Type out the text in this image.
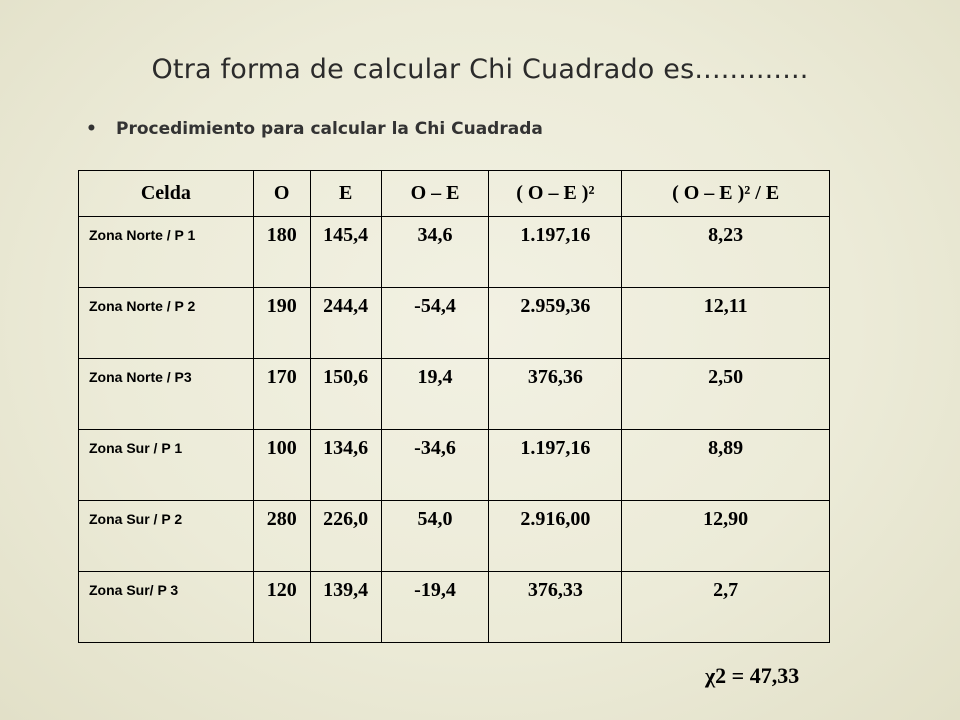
Otra forma de calcular Chi Cuadrado es.............
• Procedimiento para calcular la Chi Cuadrada
Celda	O	E	O – E	( O – E )²	( O – E )² / E
Zona Norte / P 1	180	145,4	34,6	1.197,16	8,23
Zona Norte / P 2	190	244,4	-54,4	2.959,36	12,11
Zona Norte / P3	170	150,6	19,4	376,36	2,50
Zona Sur / P 1	100	134,6	-34,6	1.197,16	8,89
Zona Sur / P 2	280	226,0	54,0	2.916,00	12,90
Zona Sur/ P 3	120	139,4	-19,4	376,33	2,7
χ2 = 47,33
